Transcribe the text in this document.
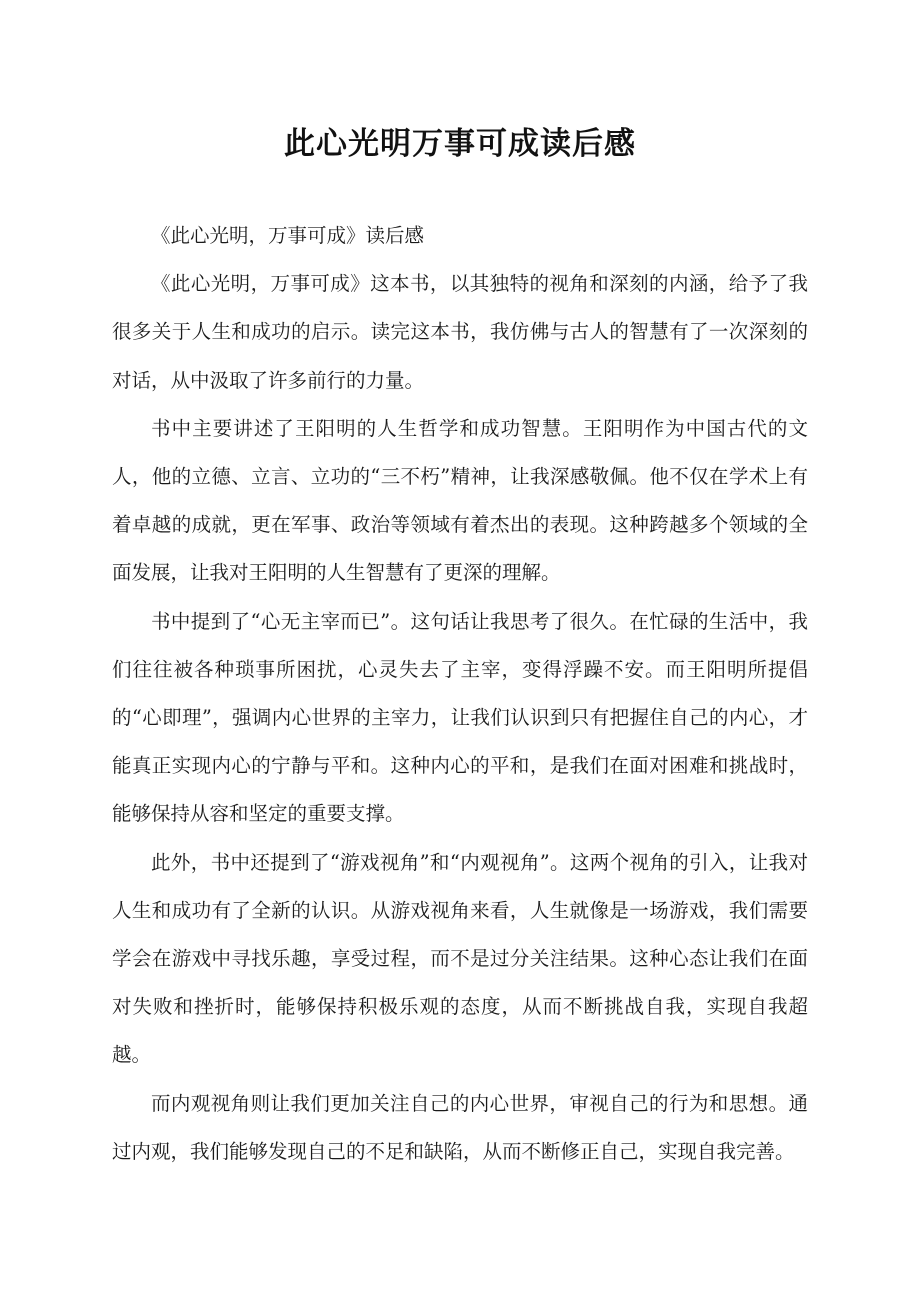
此心光明万事可成读后感

《此心光明，万事可成》读后感

《此心光明，万事可成》这本书，以其独特的视角和深刻的内涵，给予了我很多关于人生和成功的启示。读完这本书，我仿佛与古人的智慧有了一次深刻的对话，从中汲取了许多前行的力量。

书中主要讲述了王阳明的人生哲学和成功智慧。王阳明作为中国古代的文人，他的立德、立言、立功的“三不朽”精神，让我深感敬佩。他不仅在学术上有着卓越的成就，更在军事、政治等领域有着杰出的表现。这种跨越多个领域的全面发展，让我对王阳明的人生智慧有了更深的理解。

书中提到了“心无主宰而已”。这句话让我思考了很久。在忙碌的生活中，我们往往被各种琐事所困扰，心灵失去了主宰，变得浮躁不安。而王阳明所提倡的“心即理”，强调内心世界的主宰力，让我们认识到只有把握住自己的内心，才能真正实现内心的宁静与平和。这种内心的平和，是我们在面对困难和挑战时，能够保持从容和坚定的重要支撑。

此外，书中还提到了“游戏视角”和“内观视角”。这两个视角的引入，让我对人生和成功有了全新的认识。从游戏视角来看，人生就像是一场游戏，我们需要学会在游戏中寻找乐趣，享受过程，而不是过分关注结果。这种心态让我们在面对失败和挫折时，能够保持积极乐观的态度，从而不断挑战自我，实现自我超越。

而内观视角则让我们更加关注自己的内心世界，审视自己的行为和思想。通过内观，我们能够发现自己的不足和缺陷，从而不断修正自己，实现自我完善。
